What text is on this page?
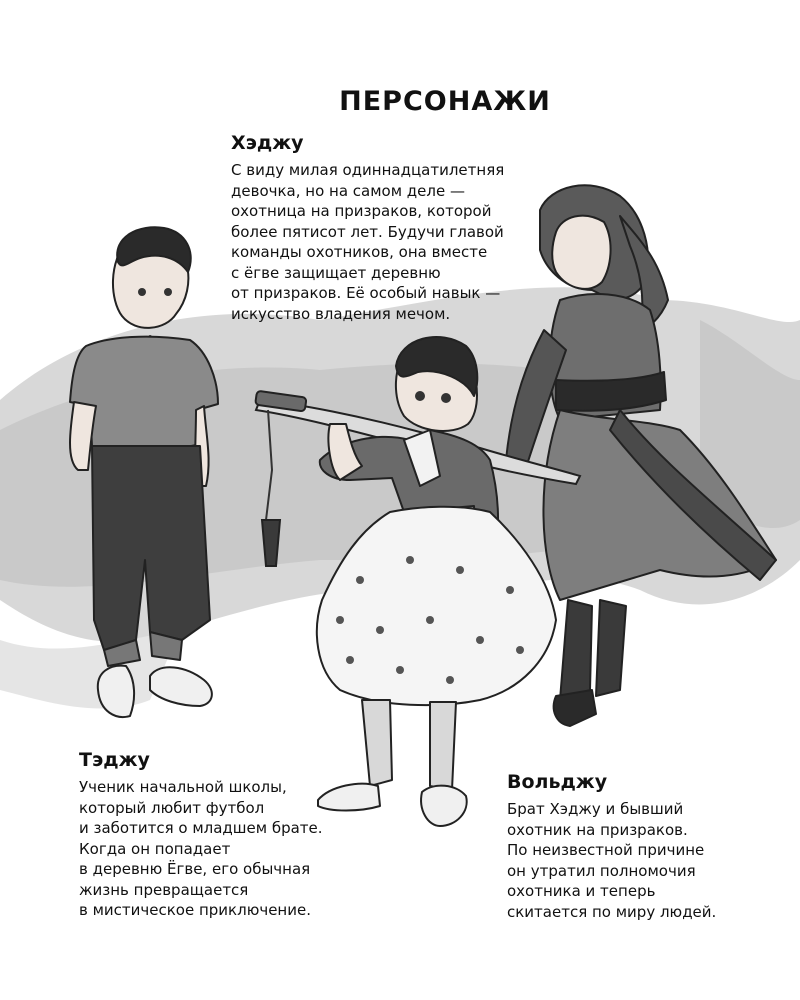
ПЕРСОНАЖИ

Хэджу

С виду милая одиннадцатилетняя
девочка, но на самом деле —
охотница на призраков, которой
более пятисот лет. Будучи главой
команды охотников, она вместе
с ёгве защищает деревню
от призраков. Её особый навык —
искусство владения мечом.

Тэджу

Ученик начальной школы,
который любит футбол
и заботится о младшем брате.
Когда он попадает
в деревню Ёгве, его обычная
жизнь превращается
в мистическое приключение.

Вольджу

Брат Хэджу и бывший
охотник на призраков.
По неизвестной причине
он утратил полномочия
охотника и теперь
скитается по миру людей.
